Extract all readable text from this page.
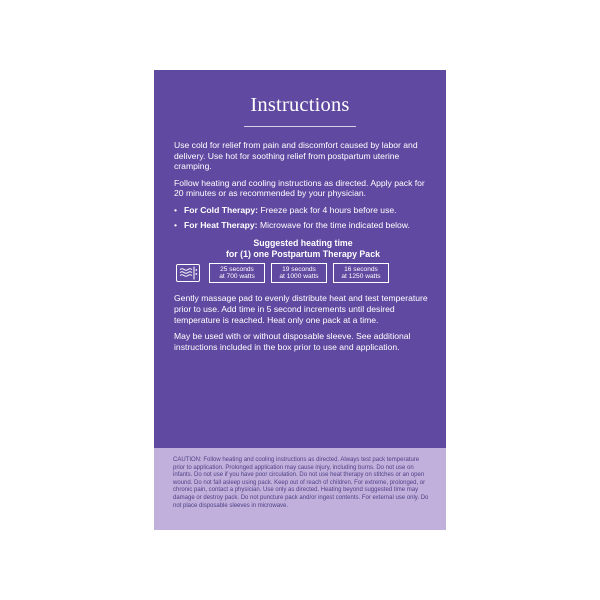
Instructions

Use cold for relief from pain and discomfort caused by labor and delivery. Use hot for soothing relief from postpartum uterine cramping.

Follow heating and cooling instructions as directed. Apply pack for 20 minutes or as recommended by your physician.

• For Cold Therapy: Freeze pack for 4 hours before use.
• For Heat Therapy: Microwave for the time indicated below.
Suggested heating time
for (1) one Postpartum Therapy Pack
25 seconds
at 700 watts
19 seconds
at 1000 watts
16 seconds
at 1250 watts

Gently massage pad to evenly distribute heat and test temperature prior to use. Add time in 5 second increments until desired temperature is reached. Heat only one pack at a time.

May be used with or without disposable sleeve. See additional instructions included in the box prior to use and application.

CAUTION: Follow heating and cooling instructions as directed. Always test pack temperature prior to application. Prolonged application may cause injury, including burns. Do not use on infants. Do not use if you have poor circulation. Do not use heat therapy on stitches or an open wound. Do not fall asleep using pack. Keep out of reach of children. For extreme, prolonged, or chronic pain, contact a physician. Use only as directed. Heating beyond suggested time may damage or destroy pack. Do not puncture pack and/or ingest contents. For external use only. Do not place disposable sleeves in microwave.
